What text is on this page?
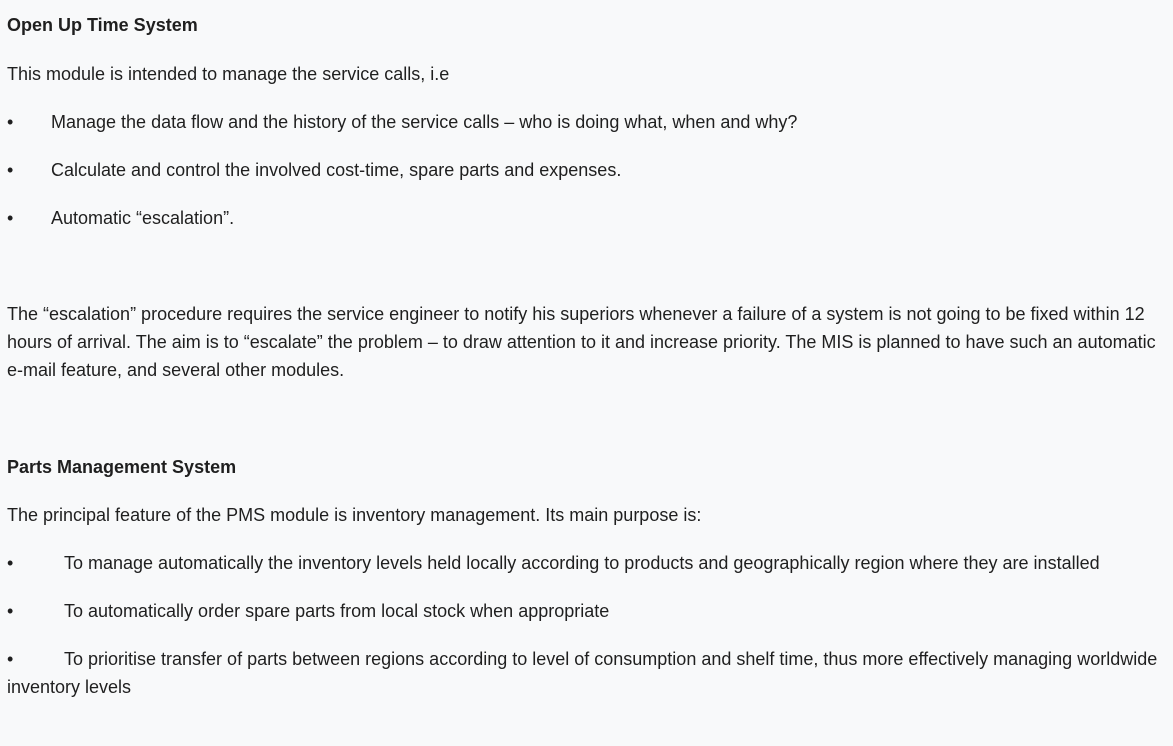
Open Up Time System
This module is intended to manage the service calls, i.e
• Manage the data flow and the history of the service calls – who is doing what, when and why?
• Calculate and control the involved cost-time, spare parts and expenses.
• Automatic “escalation”.
The “escalation” procedure requires the service engineer to notify his superiors whenever a failure of a system is not going to be fixed within 12 hours of arrival. The aim is to “escalate” the problem – to draw attention to it and increase priority. The MIS is planned to have such an automatic e-mail feature, and several other modules.
Parts Management System
The principal feature of the PMS module is inventory management. Its main purpose is:
•	To manage automatically the inventory levels held locally according to products and geographically region where they are installed
•	To automatically order spare parts from local stock when appropriate
•	To prioritise transfer of parts between regions according to level of consumption and shelf time, thus more effectively managing worldwide inventory levels
